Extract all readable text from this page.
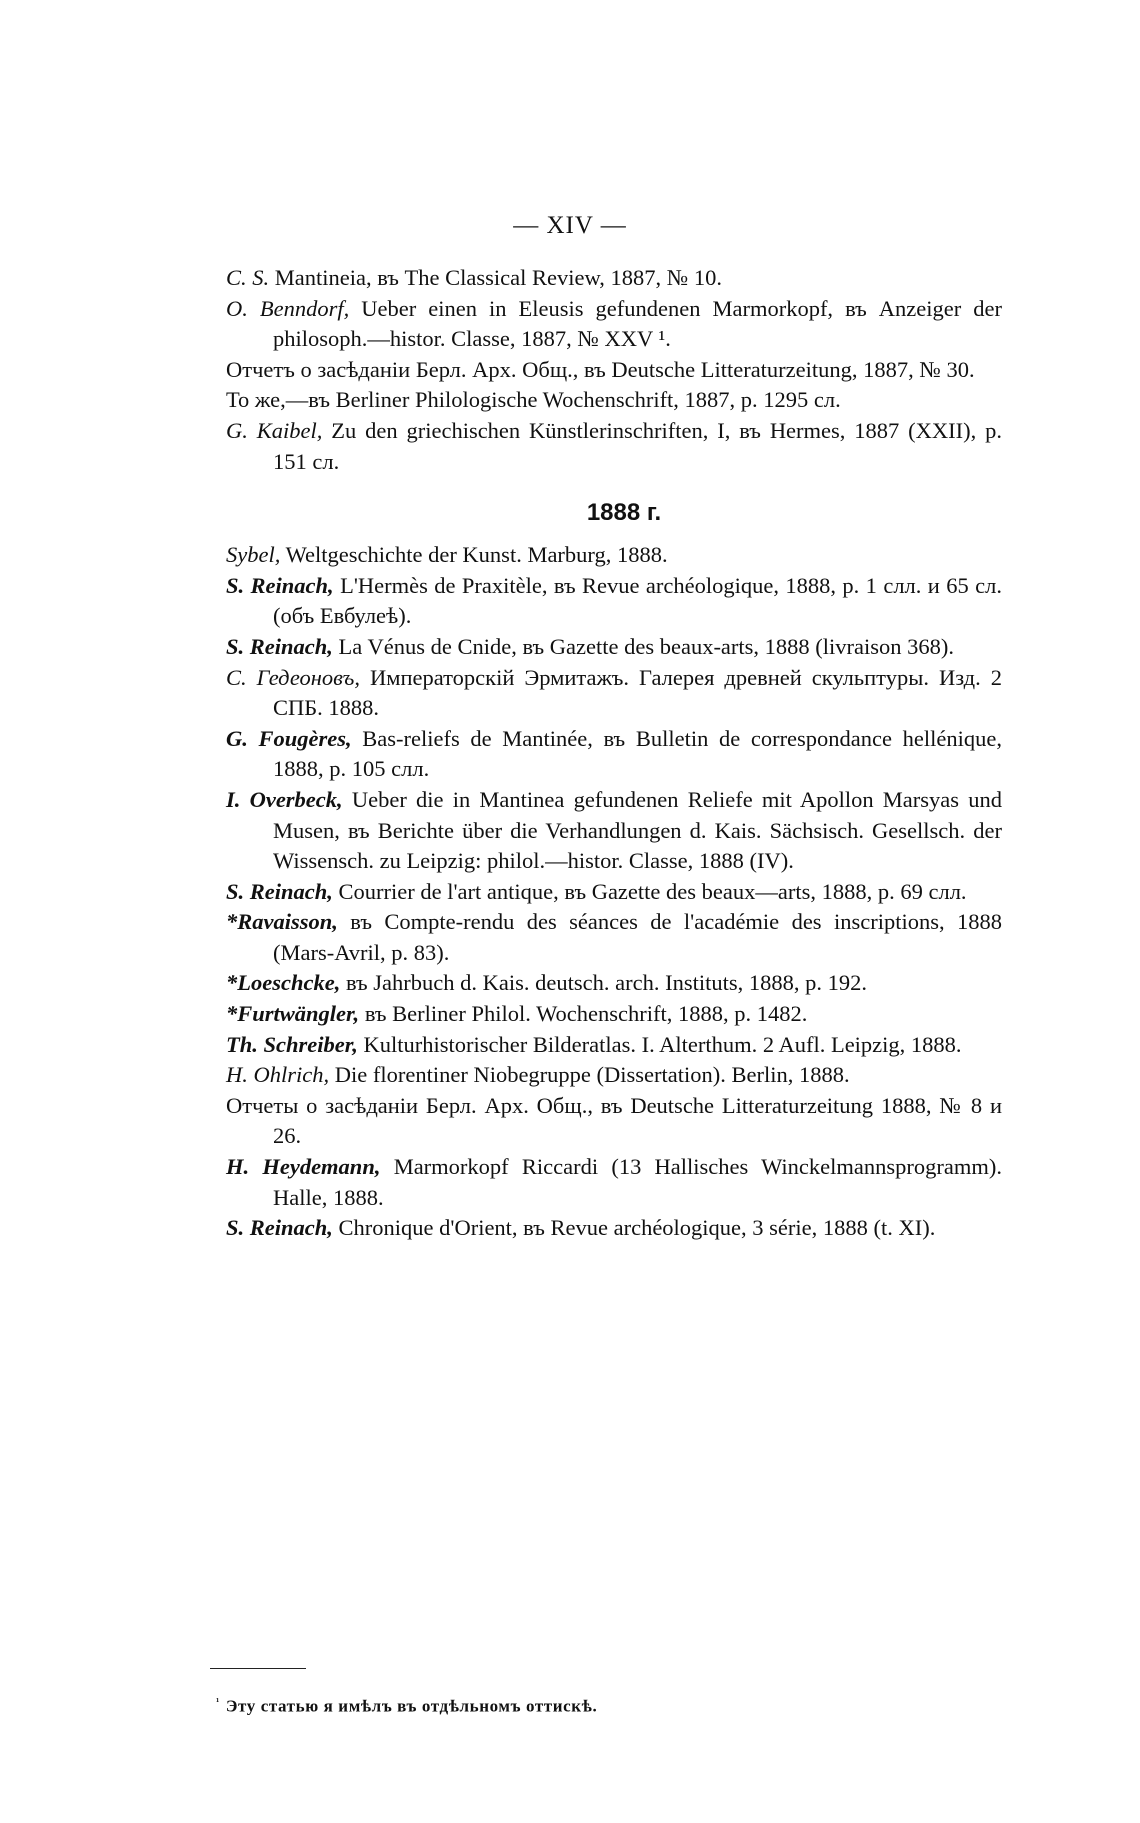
— XIV —
C. S. Mantineia, въ The Classical Review, 1887, № 10.
O. Benndorf, Ueber einen in Eleusis gefundenen Marmorkopf, въ Anzeiger der philosoph.—histor. Classe, 1887, № XXV ¹.
Отчетъ о засѣданіи Берл. Арх. Общ., въ Deutsche Litteraturzeitung, 1887, № 30.
То же,—въ Berliner Philologische Wochenschrift, 1887, p. 1295 сл.
G. Kaibel, Zu den griechischen Künstlerinschriften, I, въ Hermes, 1887 (XXII), p. 151 сл.
1888 г.
Sybel, Weltgeschichte der Kunst. Marburg, 1888.
S. Reinach, L'Hermès de Praxitèle, въ Revue archéologique, 1888, p. 1 слл. и 65 сл. (объ Евбулеѣ).
S. Reinach, La Vénus de Cnide, въ Gazette des beaux-arts, 1888 (livraison 368).
C. Гедеоновъ, Императорскій Эрмитажъ. Галерея древней скульптуры. Изд. 2 СПБ. 1888.
G. Fougères, Bas-reliefs de Mantinée, въ Bulletin de correspondance hellénique, 1888, p. 105 слл.
I. Overbeck, Ueber die in Mantinea gefundenen Reliefe mit Apollon Marsyas und Musen, въ Berichte über die Verhandlungen d. Kais. Sächsisch. Gesellsch. der Wissensch. zu Leipzig: philol.—histor. Classe, 1888 (IV).
S. Reinach, Courrier de l'art antique, въ Gazette des beaux—arts, 1888, p. 69 слл.
*Ravaisson, въ Compte-rendu des séances de l'académie des inscriptions, 1888 (Mars-Avril, p. 83).
*Loeschcke, въ Jahrbuch d. Kais. deutsch. arch. Instituts, 1888, p. 192.
*Furtwängler, въ Berliner Philol. Wochenschrift, 1888, p. 1482.
Th. Schreiber, Kulturhistorischer Bilderatlas. I. Alterthum. 2 Aufl. Leipzig, 1888.
H. Ohlrich, Die florentiner Niobegruppe (Dissertation). Berlin, 1888.
Отчеты о засѣданіи Берл. Арх. Общ., въ Deutsche Litteraturzeitung 1888, № 8 и 26.
H. Heydemann, Marmorkopf Riccardi (13 Hallisches Winckelmannsprogramm). Halle, 1888.
S. Reinach, Chronique d'Orient, въ Revue archéologique, 3 série, 1888 (t. XI).
$^{^1}$ Эту статью я имѣлъ въ отдѣльномъ оттискѣ.
